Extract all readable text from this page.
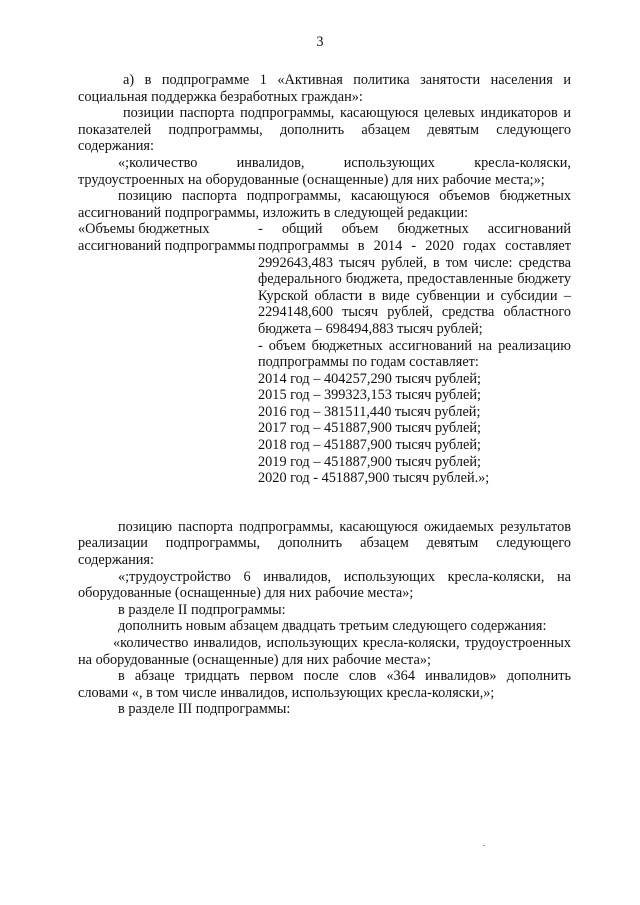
3

а) в подпрограмме 1 «Активная политика занятости населения и социальная поддержка безработных граждан»:

позиции паспорта подпрограммы, касающуюся целевых индикаторов и показателей подпрограммы, дополнить абзацем девятым следующего содержания:

«;количество инвалидов, использующих кресла-коляски, трудоустроенных на оборудованные (оснащенные) для них рабочие места;»;

позицию паспорта подпрограммы, касающуюся объемов бюджетных ассигнований подпрограммы, изложить в следующей редакции:

«Объемы бюджетных ассигнований подпрограммы

- общий объем бюджетных ассигнований подпрограммы в 2014 - 2020 годах составляет 2992643,483 тысяч рублей, в том числе: средства федерального бюджета, предоставленные бюджету Курской области в виде субвенции и субсидии – 2294148,600 тысяч рублей, средства областного бюджета – 698494,883 тысяч рублей;

- объем бюджетных ассигнований на реализацию подпрограммы по годам составляет:

2014 год – 404257,290 тысяч рублей;
2015 год – 399323,153 тысяч рублей;
2016 год – 381511,440 тысяч рублей;
2017 год – 451887,900 тысяч рублей;
2018 год – 451887,900 тысяч рублей;
2019 год – 451887,900 тысяч рублей;
2020 год - 451887,900 тысяч рублей.»;

позицию паспорта подпрограммы, касающуюся ожидаемых результатов реализации подпрограммы, дополнить абзацем девятым следующего содержания:

«;трудоустройство 6 инвалидов, использующих кресла-коляски, на оборудованные (оснащенные) для них рабочие места»;

в разделе II подпрограммы:

дополнить новым абзацем двадцать третьим следующего содержания:

«количество инвалидов, использующих кресла-коляски, трудоустроенных на оборудованные (оснащенные) для них рабочие места»;

в абзаце тридцать первом после слов «364 инвалидов» дополнить словами «, в том числе инвалидов, использующих кресла-коляски,»;

в разделе III подпрограммы:
